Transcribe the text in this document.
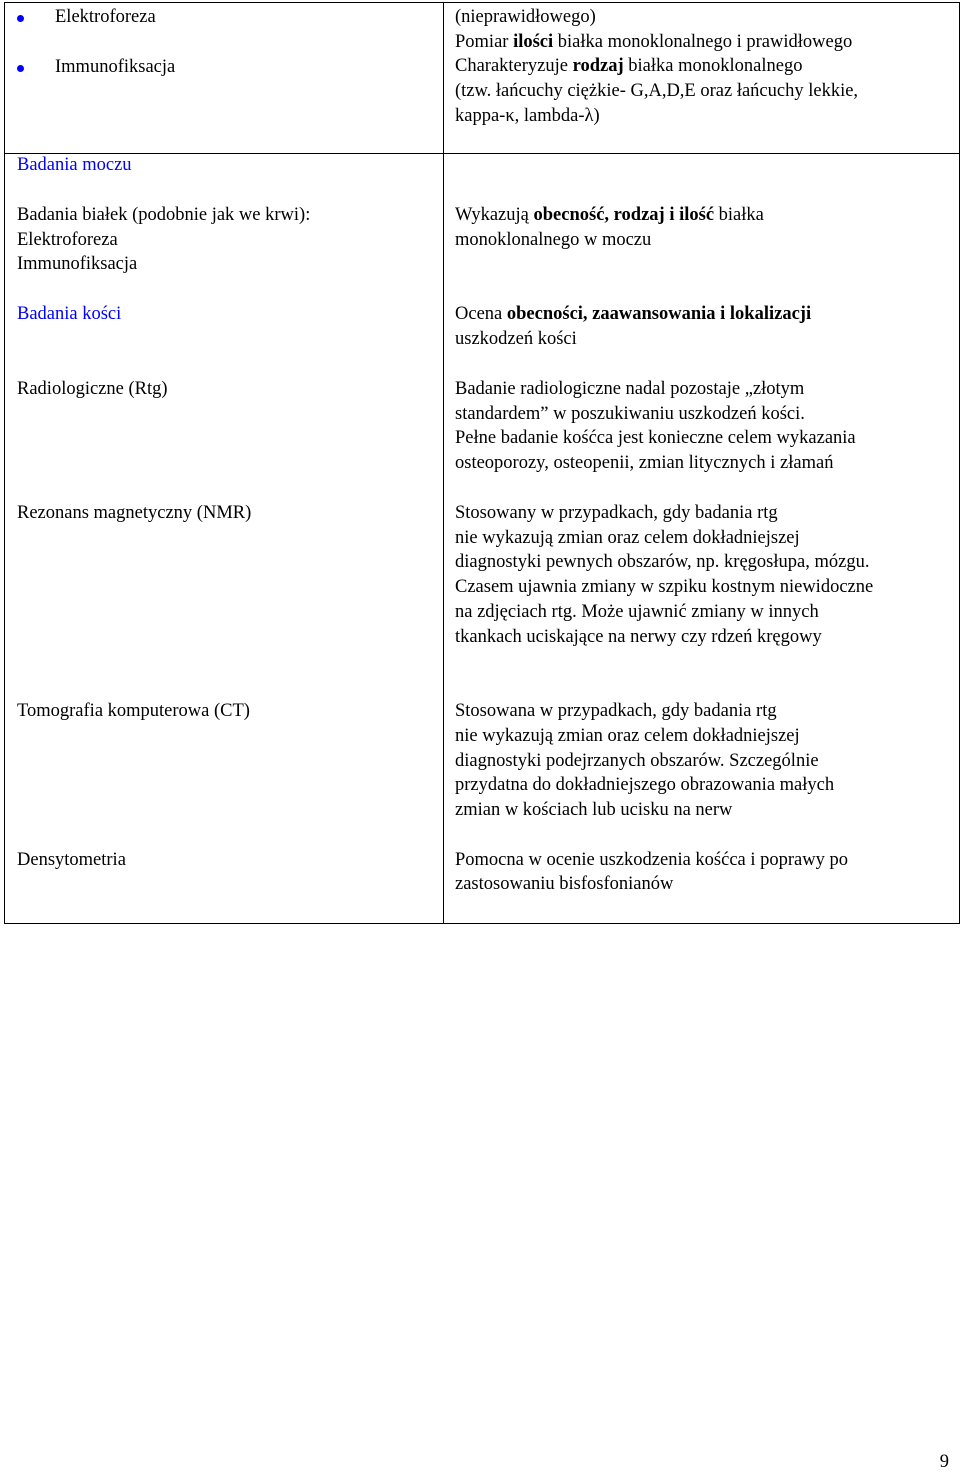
Elektroforeza
Immunofiksacja
(nieprawidłowego)
Pomiar ilości białka monoklonalnego i prawidłowego
Charakteryzuje rodzaj białka monoklonalnego
(tzw. łańcuchy ciężkie- G,A,D,E oraz łańcuchy lekkie,
kappa-κ, lambda-λ)
Badania moczu
Badania białek (podobnie jak we krwi):
Elektroforeza
Immunofiksacja
Badania kości
Radiologiczne (Rtg)
Rezonans magnetyczny (NMR)
Tomografia komputerowa (CT)
Densytometria
Wykazują obecność, rodzaj i ilość białka
monoklonalnego w moczu
Ocena obecności, zaawansowania i lokalizacji
uszkodzeń kości
Badanie radiologiczne nadal pozostaje „złotym
standardem” w poszukiwaniu uszkodzeń kości.
Pełne badanie kośćca jest konieczne celem wykazania
osteoporozy, osteopenii, zmian litycznych i złamań
Stosowany w przypadkach, gdy badania rtg
nie wykazują zmian oraz celem dokładniejszej
diagnostyki pewnych obszarów, np. kręgosłupa, mózgu.
Czasem ujawnia zmiany w szpiku kostnym niewidoczne
na zdjęciach rtg. Może ujawnić zmiany w innych
tkankach uciskające na nerwy czy rdzeń kręgowy
Stosowana w przypadkach, gdy badania rtg
nie wykazują zmian oraz celem dokładniejszej
diagnostyki podejrzanych obszarów. Szczególnie
przydatna do dokładniejszego obrazowania małych
zmian w kościach lub ucisku na nerw
Pomocna w ocenie uszkodzenia kośćca i poprawy po
zastosowaniu bisfosfonianów
9
